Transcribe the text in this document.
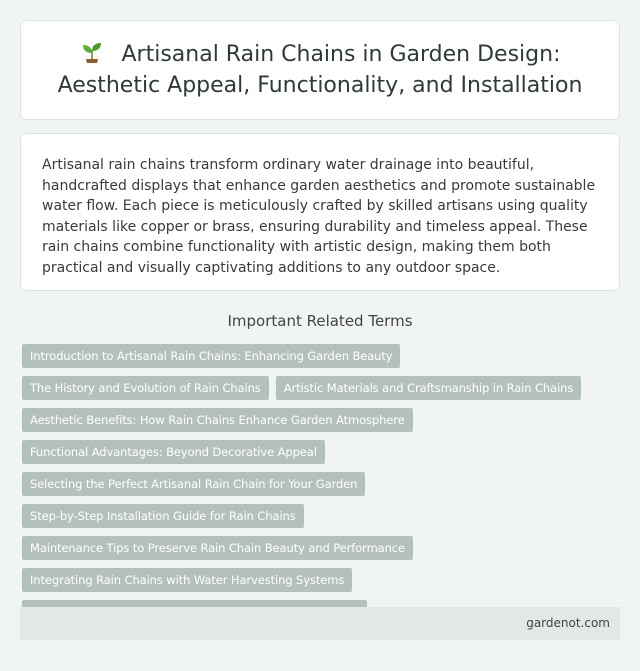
Artisanal Rain Chains in Garden Design: Aesthetic Appeal, Functionality, and Installation

Artisanal rain chains transform ordinary water drainage into beautiful, handcrafted displays that enhance garden aesthetics and promote sustainable water flow. Each piece is meticulously crafted by skilled artisans using quality materials like copper or brass, ensuring durability and timeless appeal. These rain chains combine functionality with artistic design, making them both practical and visually captivating additions to any outdoor space.

Important Related Terms
Introduction to Artisanal Rain Chains: Enhancing Garden Beauty
The History and Evolution of Rain Chains	Artistic Materials and Craftsmanship in Rain Chains
Aesthetic Benefits: How Rain Chains Enhance Garden Atmosphere
Functional Advantages: Beyond Decorative Appeal
Selecting the Perfect Artisanal Rain Chain for Your Garden
Step-by-Step Installation Guide for Rain Chains
Maintenance Tips to Preserve Rain Chain Beauty and Performance
Integrating Rain Chains with Water Harvesting Systems
gardenot.com
